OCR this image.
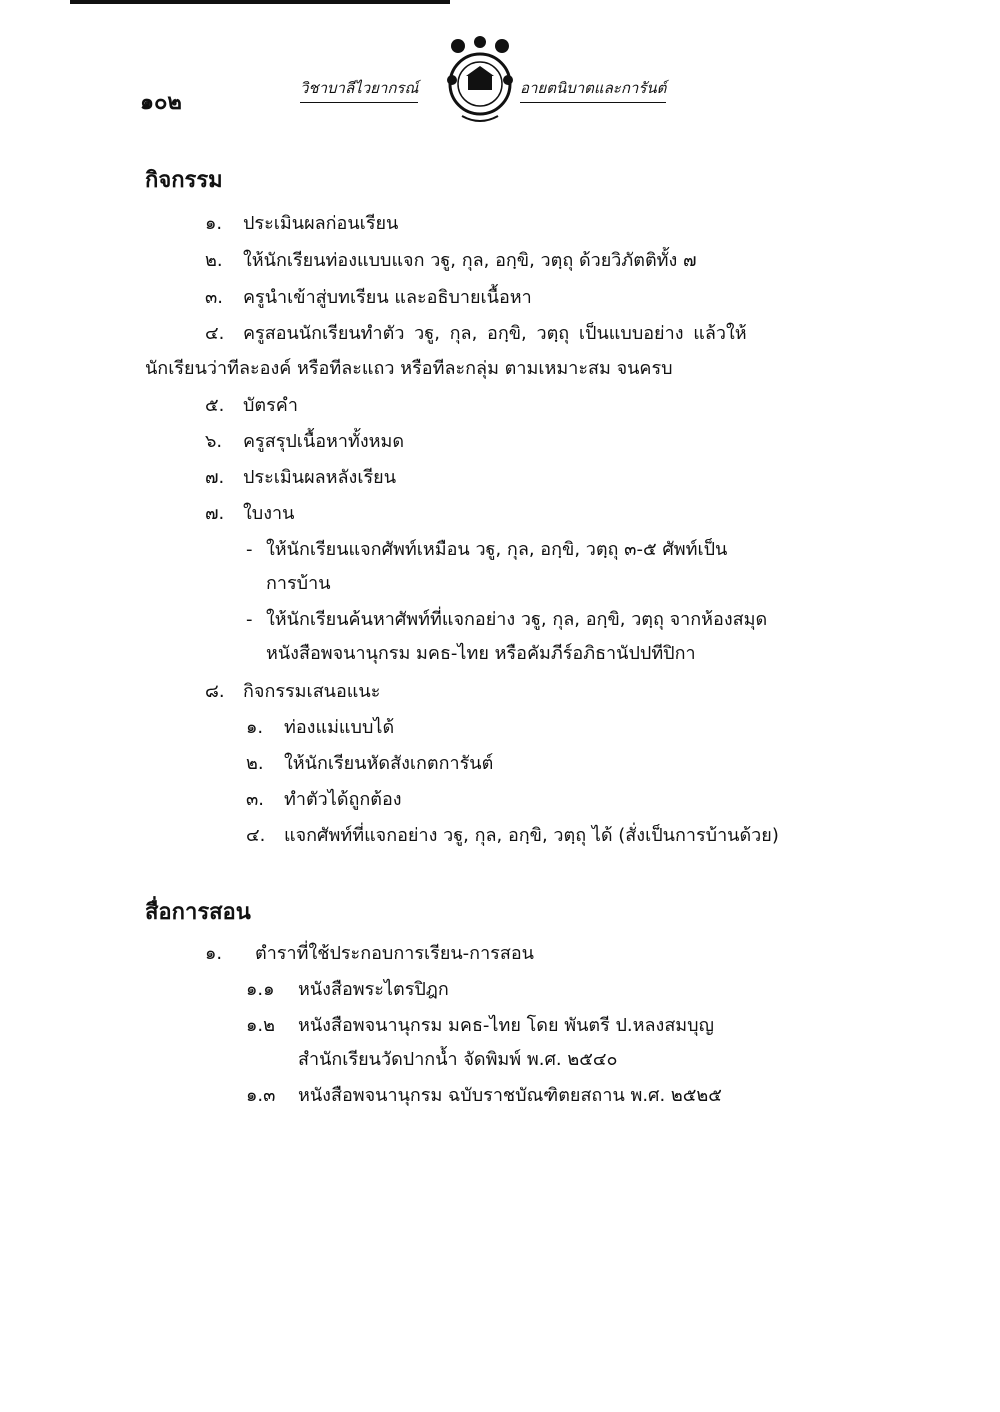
๑๐๒
วิชาบาลีไวยากรณ์	อายตนิบาตและการันต์
กิจกรรม
๑. ประเมินผลก่อนเรียน
๒. ให้นักเรียนท่องแบบแจก วฐู, กุล, อกฺขิ, วตฺถุ ด้วยวิภัตติทั้ง ๗
๓. ครูนำเข้าสู่บทเรียน และอธิบายเนื้อหา
๔. ครูสอนนักเรียนทำตัว วฐู, กุล, อกฺขิ, วตฺถุ เป็นแบบอย่าง แล้วให้
นักเรียนว่าทีละองค์ หรือทีละแถว หรือทีละกลุ่ม ตามเหมาะสม จนครบ
๕. บัตรคำ
๖. ครูสรุปเนื้อหาทั้งหมด
๗. ประเมินผลหลังเรียน
๗. ใบงาน
- ให้นักเรียนแจกศัพท์เหมือน วฐู, กุล, อกฺขิ, วตฺถุ ๓-๕ ศัพท์เป็น
การบ้าน
- ให้นักเรียนค้นหาศัพท์ที่แจกอย่าง วฐู, กุล, อกฺขิ, วตฺถุ จากห้องสมุด
หนังสือพจนานุกรม มคธ-ไทย หรือคัมภีร์อภิธานัปปทีปิกา
๘. กิจกรรมเสนอแนะ
๑. ท่องแม่แบบได้
๒. ให้นักเรียนหัดสังเกตการันต์
๓. ทำตัวได้ถูกต้อง
๔. แจกศัพท์ที่แจกอย่าง วฐู, กุล, อกฺขิ, วตฺถุ ได้ (สั่งเป็นการบ้านด้วย)
สื่อการสอน
๑. ตำราที่ใช้ประกอบการเรียน-การสอน
๑.๑ หนังสือพระไตรปิฎก
๑.๒ หนังสือพจนานุกรม มคธ-ไทย โดย พันตรี ป.หลงสมบุญ
สำนักเรียนวัดปากน้ำ จัดพิมพ์ พ.ศ. ๒๕๔๐
๑.๓ หนังสือพจนานุกรม ฉบับราชบัณฑิตยสถาน พ.ศ. ๒๕๒๕
